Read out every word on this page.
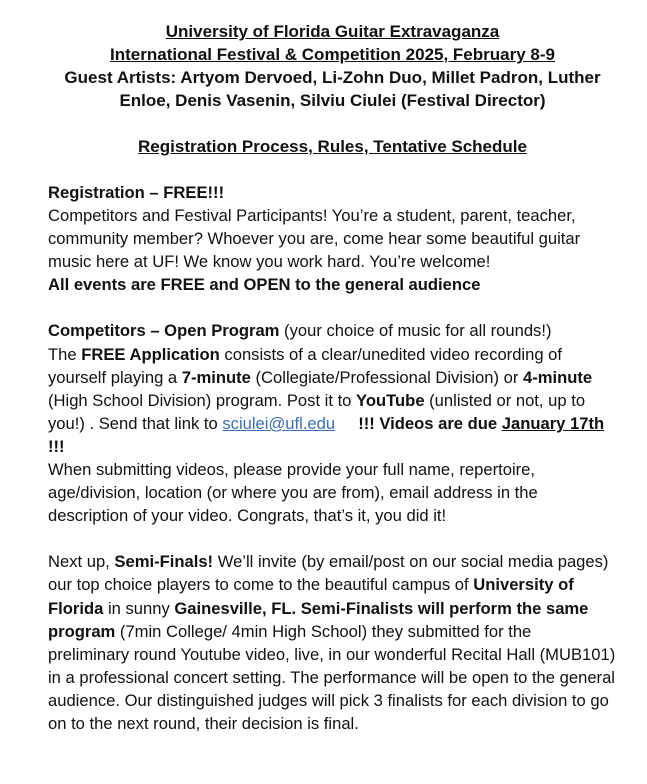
University of Florida Guitar Extravaganza
International Festival & Competition 2025, February 8-9
Guest Artists: Artyom Dervoed, Li-Zohn Duo, Millet Padron, Luther Enloe, Denis Vasenin, Silviu Ciulei (Festival Director)
Registration Process, Rules, Tentative Schedule

Registration – FREE!!!

Competitors and Festival Participants! You’re a student, parent, teacher, community member? Whoever you are, come hear some beautiful guitar music here at UF! We know you work hard. You’re welcome!

All events are FREE and OPEN to the general audience

Competitors – Open Program (your choice of music for all rounds!)
The FREE Application consists of a clear/unedited video recording of yourself playing a 7-minute (Collegiate/Professional Division) or 4-minute (High School Division) program. Post it to YouTube (unlisted or not, up to you!) . Send that link to sciulei@ufl.edu !!! Videos are due January 17th !!!
When submitting videos, please provide your full name, repertoire, age/division, location (or where you are from), email address in the description of your video. Congrats, that’s it, you did it!

Next up, Semi-Finals! We’ll invite (by email/post on our social media pages) our top choice players to come to the beautiful campus of University of Florida in sunny Gainesville, FL. Semi-Finalists will perform the same program (7min College/ 4min High School) they submitted for the preliminary round Youtube video, live, in our wonderful Recital Hall (MUB101) in a professional concert setting. The performance will be open to the general audience. Our distinguished judges will pick 3 finalists for each division to go on to the next round, their decision is final.
